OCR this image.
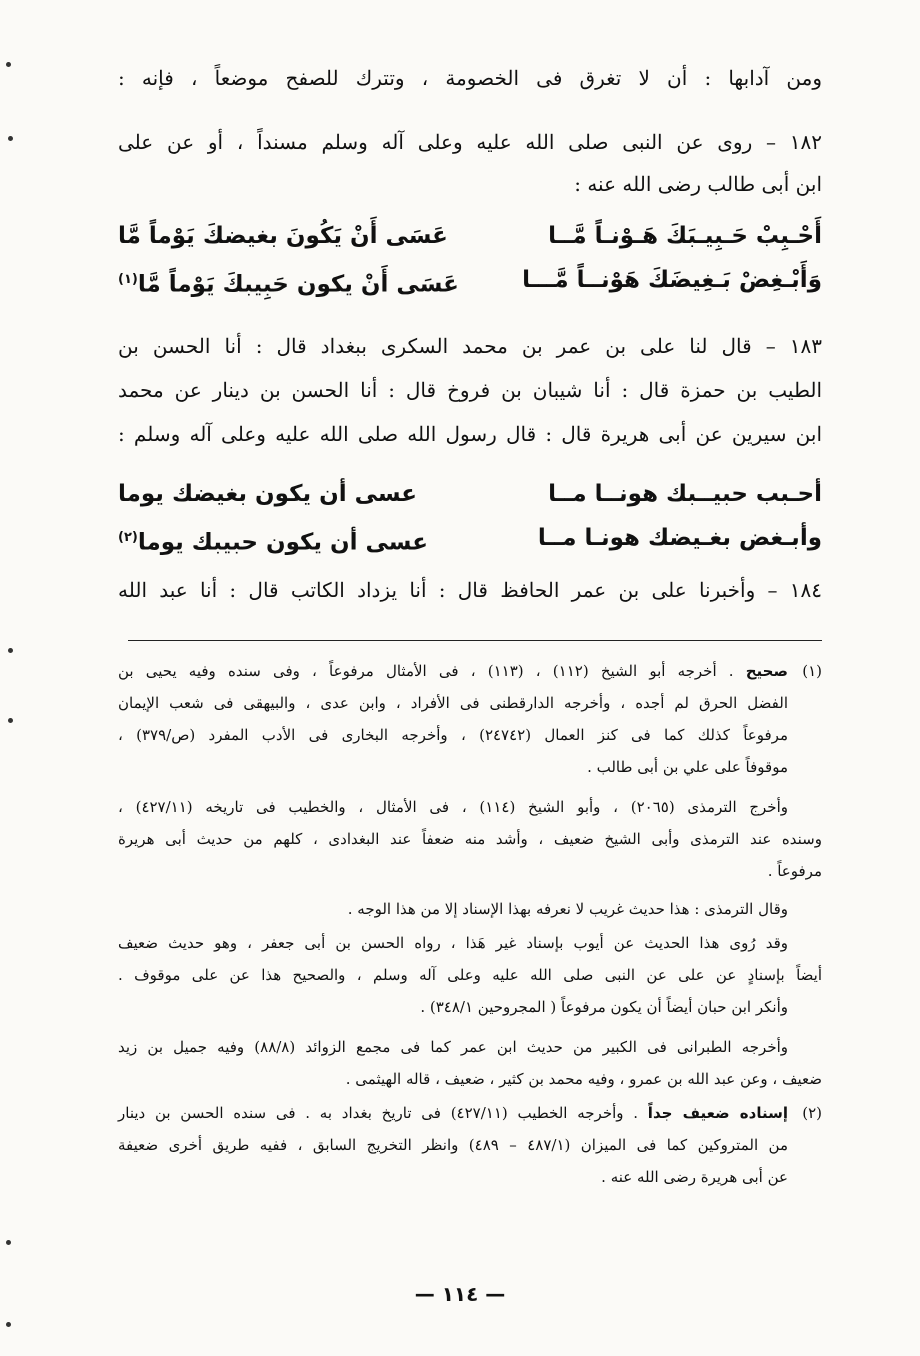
ومن آدابها : أن لا تغرق فى الخصومة ، وتترك للصفح موضعاً ، فإنه :
١٨٢ – روى عن النبى صلى الله عليه وعلى آله وسلم مسنداً ، أو عن على
ابن أبى طالب رضى الله عنه :
أَحْـبِبْ حَـبِيـبَكَ هَـوْنـاً مَّــا
عَسَى أَنْ يَكُونَ بغيضكَ يَوْماً مَّا
وَأَبْـغِضْ بَـغِيضَكَ هَوْنــاً مَّـــا
عَسَى أَنْ يكون حَبِيبكَ يَوْماً مَّا$^{(١)}$
١٨٣ – قال لنا على بن عمر بن محمد السكرى ببغداد قال : أنا الحسن بن
الطيب بن حمزة قال : أنا شيبان بن فروخ قال : أنا الحسن بن دينار عن محمد
ابن سيرين عن أبى هريرة قال : قال رسول الله صلى الله عليه وعلى آله وسلم :
أحـبب حبيــبك هونــا مــا
عسى أن يكون بغيضك يوما
وأبـغض بغـيضك هونـا مــا
عسى أن يكون حبيبك يوما$^{(٢)}$
١٨٤ – وأخبرنا على بن عمر الحافظ قال : أنا يزداد الكاتب قال : أنا عبد الله
(١)
صحيح . أخرجه أبو الشيخ (١١٢) ، (١١٣) ، فى الأمثال مرفوعاً ، وفى سنده وفيه يحيى بن
الفضل الحرق لم أجده ، وأخرجه الدارقطنى فى الأفراد ، وابن عدى ، والبيهقى فى شعب الإيمان
مرفوعاً كذلك كما فى كنز العمال (٢٤٧٤٢) ، وأخرجه البخارى فى الأدب المفرد (ص/٣٧٩) ،
موقوفاً على علي بن أبى طالب .
وأخرج الترمذى (٢٠٦٥) ، وأبو الشيخ (١١٤) ، فى الأمثال ، والخطيب فى تاريخه (٤٢٧/١١) ،
وسنده عند الترمذى وأبى الشيخ ضعيف ، وأشد منه ضعفاً عند البغدادى ، كلهم من حديث أبى هريرة
مرفوعاً .
وقال الترمذى : هذا حديث غريب لا نعرفه بهذا الإسناد إلا من هذا الوجه .
وقد رُوى هذا الحديث عن أيوب بإسناد غير هَذا ، رواه الحسن بن أبى جعفر ، وهو حديث ضعيف
أيضاً بإسنادٍ عن على عن النبى صلى الله عليه وعلى آله وسلم ، والصحيح هذا عن على موقوف .
وأنكر ابن حبان أيضاً أن يكون مرفوعاً ( المجروحين ٣٤٨/١) .
وأخرجه الطبرانى فى الكبير من حديث ابن عمر كما فى مجمع الزوائد (٨٨/٨) وفيه جميل بن زيد
ضعيف ، وعن عبد الله بن عمرو ، وفيه محمد بن كثير ، ضعيف ، قاله الهيثمى .
(٢)
إسناده ضعيف جداً . وأخرجه الخطيب (٤٢٧/١١) فى تاريخ بغداد به . فى سنده الحسن بن دينار
من المتروكين كما فى الميزان (٤٨٧/١ – ٤٨٩) وانظر التخريج السابق ، ففيه طريق أخرى ضعيفة
عن أبى هريرة رضى الله عنه .
— ١١٤ —
